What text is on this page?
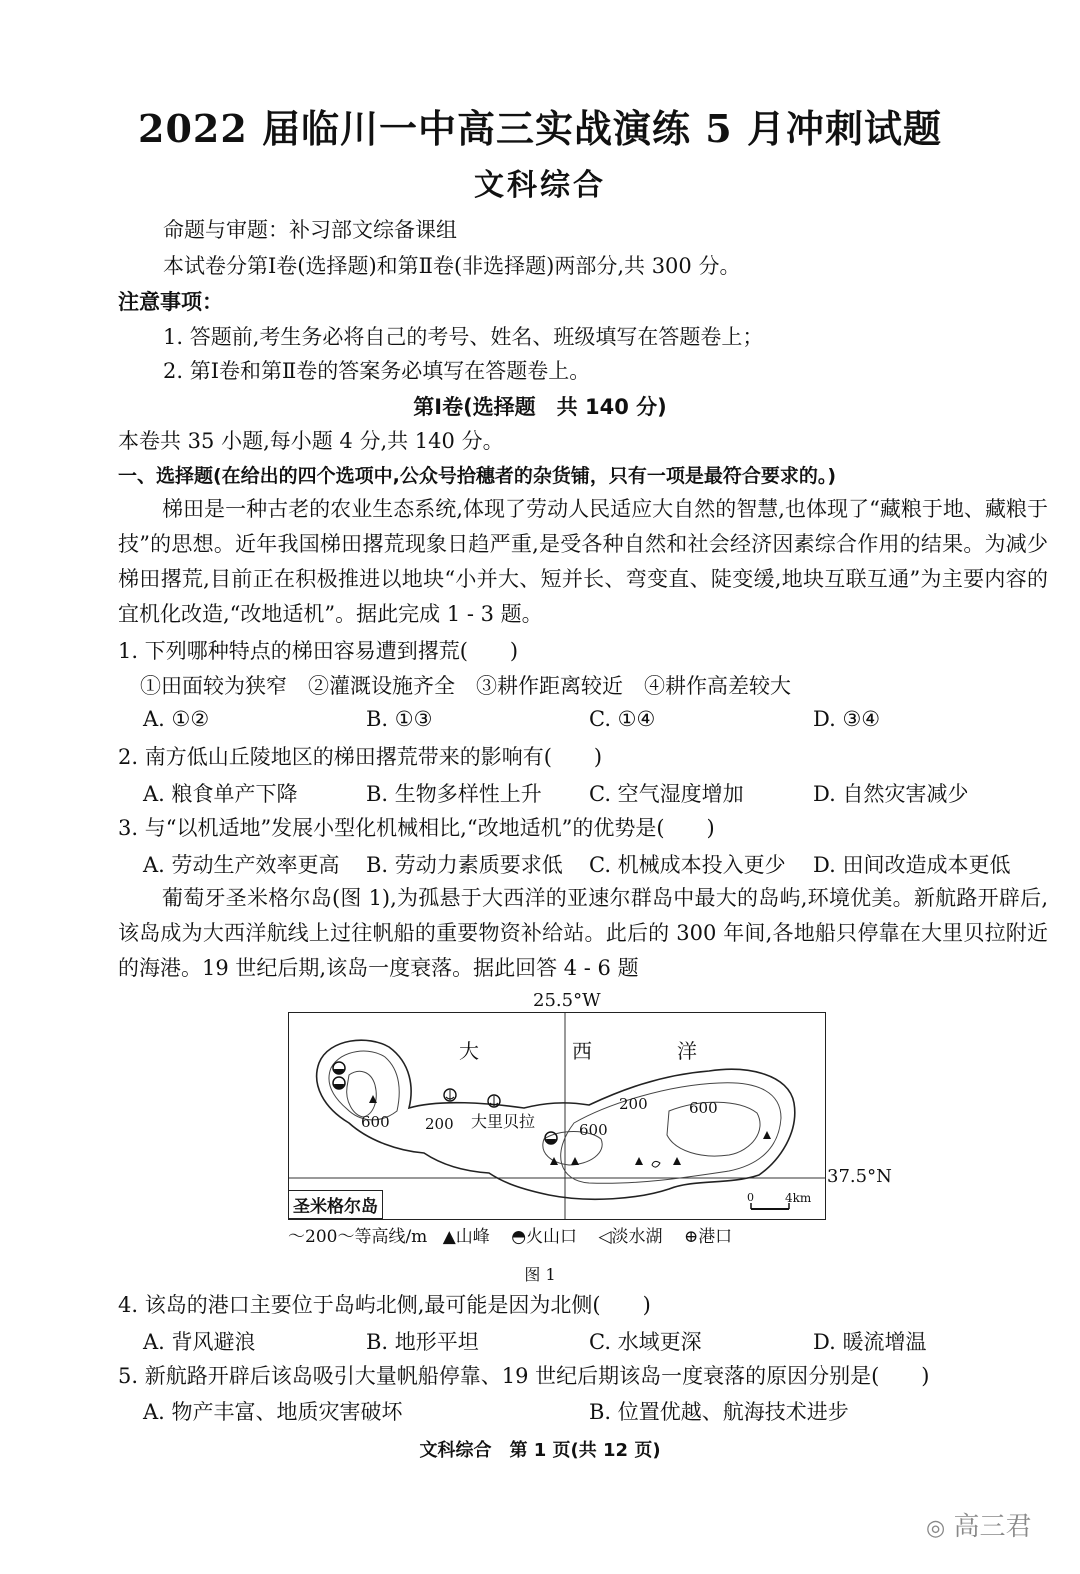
2022 届临川一中高三实战演练 5 月冲刺试题
文科综合
命题与审题：补习部文综备课组
本试卷分第Ⅰ卷(选择题)和第Ⅱ卷(非选择题)两部分,共 300 分。
注意事项：
1. 答题前,考生务必将自己的考号、姓名、班级填写在答题卷上；
2. 第Ⅰ卷和第Ⅱ卷的答案务必填写在答题卷上。
第Ⅰ卷(选择题　共 140 分)
本卷共 35 小题,每小题 4 分,共 140 分。
一、选择题(在给出的四个选项中,公众号拾穗者的杂货铺，只有一项是最符合要求的。)
梯田是一种古老的农业生态系统,体现了劳动人民适应大自然的智慧,也体现了“藏粮于地、藏粮于技”的思想。近年我国梯田撂荒现象日趋严重,是受各种自然和社会经济因素综合作用的结果。为减少梯田撂荒,目前正在积极推进以地块“小并大、短并长、弯变直、陡变缓,地块互联互通”为主要内容的宜机化改造,“改地适机”。据此完成 1 - 3 题。
1. 下列哪种特点的梯田容易遭到撂荒(　　)
①田面较为狭窄　②灌溉设施齐全　③耕作距离较近　④耕作高差较大
A. ①②	B. ①③	C. ①④	D. ③④
2. 南方低山丘陵地区的梯田撂荒带来的影响有(　　)
A. 粮食单产下降	B. 生物多样性上升 C. 空气湿度增加	D. 自然灾害减少
3. 与“以机适地”发展小型化机械相比,“改地适机”的优势是(　　)
A. 劳动生产效率更高 B. 劳动力素质要求低 C. 机械成本投入更少 D. 田间改造成本更低
葡萄牙圣米格尔岛(图 1),为孤悬于大西洋的亚速尔群岛中最大的岛屿,环境优美。新航路开辟后,该岛成为大西洋航线上过往帆船的重要物资补给站。此后的 300 年间,各地船只停靠在大里贝拉附近的海港。19 世纪后期,该岛一度衰落。据此回答 4 - 6 题
25.5°W
大	西	洋
大里贝拉
600 200
200	600
600
圣米格尔岛	0	4km
37.5°N
～200～等高线/m ▲山峰 ◓火山口 ◁淡水湖 ⊕港口
图 1
4. 该岛的港口主要位于岛屿北侧,最可能是因为北侧(　　)
A. 背风避浪	B. 地形平坦	C. 水域更深	D. 暖流增温
5. 新航路开辟后该岛吸引大量帆船停靠、19 世纪后期该岛一度衰落的原因分别是(　　)
A. 物产丰富、地质灾害破坏	B. 位置优越、航海技术进步
文科综合　第 1 页(共 12 页)
◎ 高三君
